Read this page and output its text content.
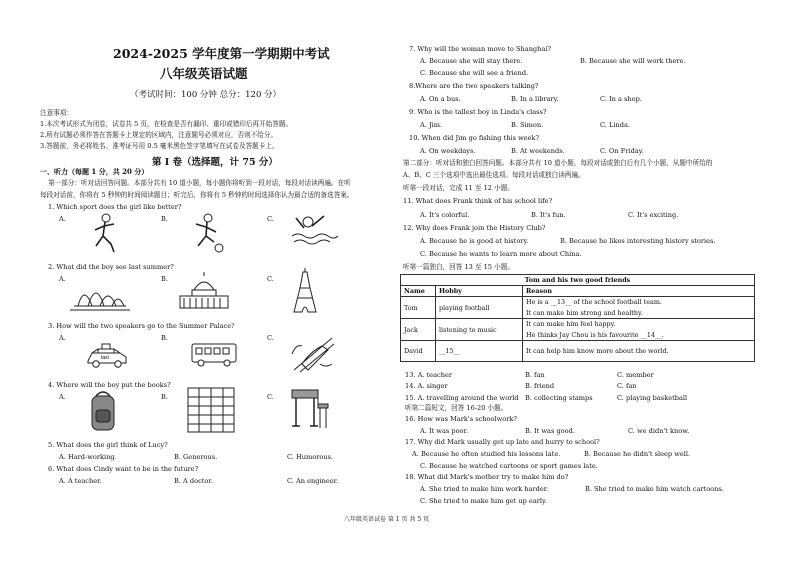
2024-2025 学年度第一学期期中考试
八年级英语试题
（考试时间：100 分钟 总分：120 分）
注意事项：
1.本次考试形式为闭卷，试卷共 5 页，在检查是否有漏印、重印或错印后再开始答题。
2.所有试题必须作答在答题卡上规定的区域内，注意题号必须对应，否则不给分。
3.答题前，务必将姓名、准考证号用 0.5 毫米黑色签字笔填写在试卷及答题卡上。
第 Ⅰ 卷（选择题，计 75 分）
一、听力（每题 1 分，共 20 分）
第一部分：听对话回答问题。本部分共有 10 道小题，每小题你将听到一段对话，每段对话读两遍。在听
每段对话前，你将有 5 秒钟的时间阅读题目；听完后，你将有 5 秒钟的时间选择你认为最合适的备选答案。
1. Which sport does the girl like better?
A.	B.	C.
2. What did the boy see last summer?
A.	B.	C.
3. How will the two speakers go to the Summer Palace?
A.	B.	C.
taxi
4. Where will the boy put the books?
A.	B.	C.
5. What does the girl think of Lucy?
A. Hard-working.	B. Generous.	C. Humorous.
6. What does Cindy want to be in the future?
A. A teacher.	B. A doctor.	C. An engineer.
7. Why will the woman move to Shanghai?
A. Because she will stay there.	B. Because she will work there.
C. Because she will see a friend.
8.Where are the two speakers talking?
A. On a bus.	B. In a library.	C. In a shop.
9. Who is the tallest boy in Linda's class?
A. Jim.	B. Simon.	C. Linda.
10. When did Jim go fishing this week?
A. On weekdays.	B. At weekends.	C. On Friday.
第二部分：听对话和独白回答问题。本部分共有 10 道小题，每段对话或独白后有几个小题，从题中所给的
A、B、C 三个选项中选出最佳选项。每段对话或独白读两遍。
听第一段对话，完成 11 至 12 小题。
11. What does Frank think of his school life?
A. It's colorful.	B. It's fun.	C. It's exciting.
12. Why does Frank join the History Club?
A. Because he is good at history.	B. Because he likes interesting history stories.
C. Because he wants to learn more about China.
听第一篇独白，回答 13 至 15 小题。
Tom and his two good friends		
Name	Hobby	Reason
Tom	playing football	He is a __13__ of the school football team.
It can make him strong and healthy.

Jack	listening to music	It can make him feel happy.
He thinks Jay Chou is his favourite __14__.

David	__15__	It can help him know more about the world.
13. A. teacher	B. fan	C. member
14. A. singer	B. friend	C. fan
15. A. travelling around the world B. collecting stamps	C. playing basketball
听第二篇短文，回答 16-20 小题。
16. How was Mark's schoolwork?
A. It was poor.	B. It was good.	C. we didn't know.
17. Why did Mark usually get up late and hurry to school?
A. Because he often studied his lessons late.	B. Because he didn't sleep well.
C. Because he watched cartoons or sport games late.
18. What did Mark's mother try to make him do?
A. She tried to make him work harder.	B. She tried to make him watch cartoons.
C. She tried to make him get up early.
八年级英语试卷 第 1 页 共 5 页
